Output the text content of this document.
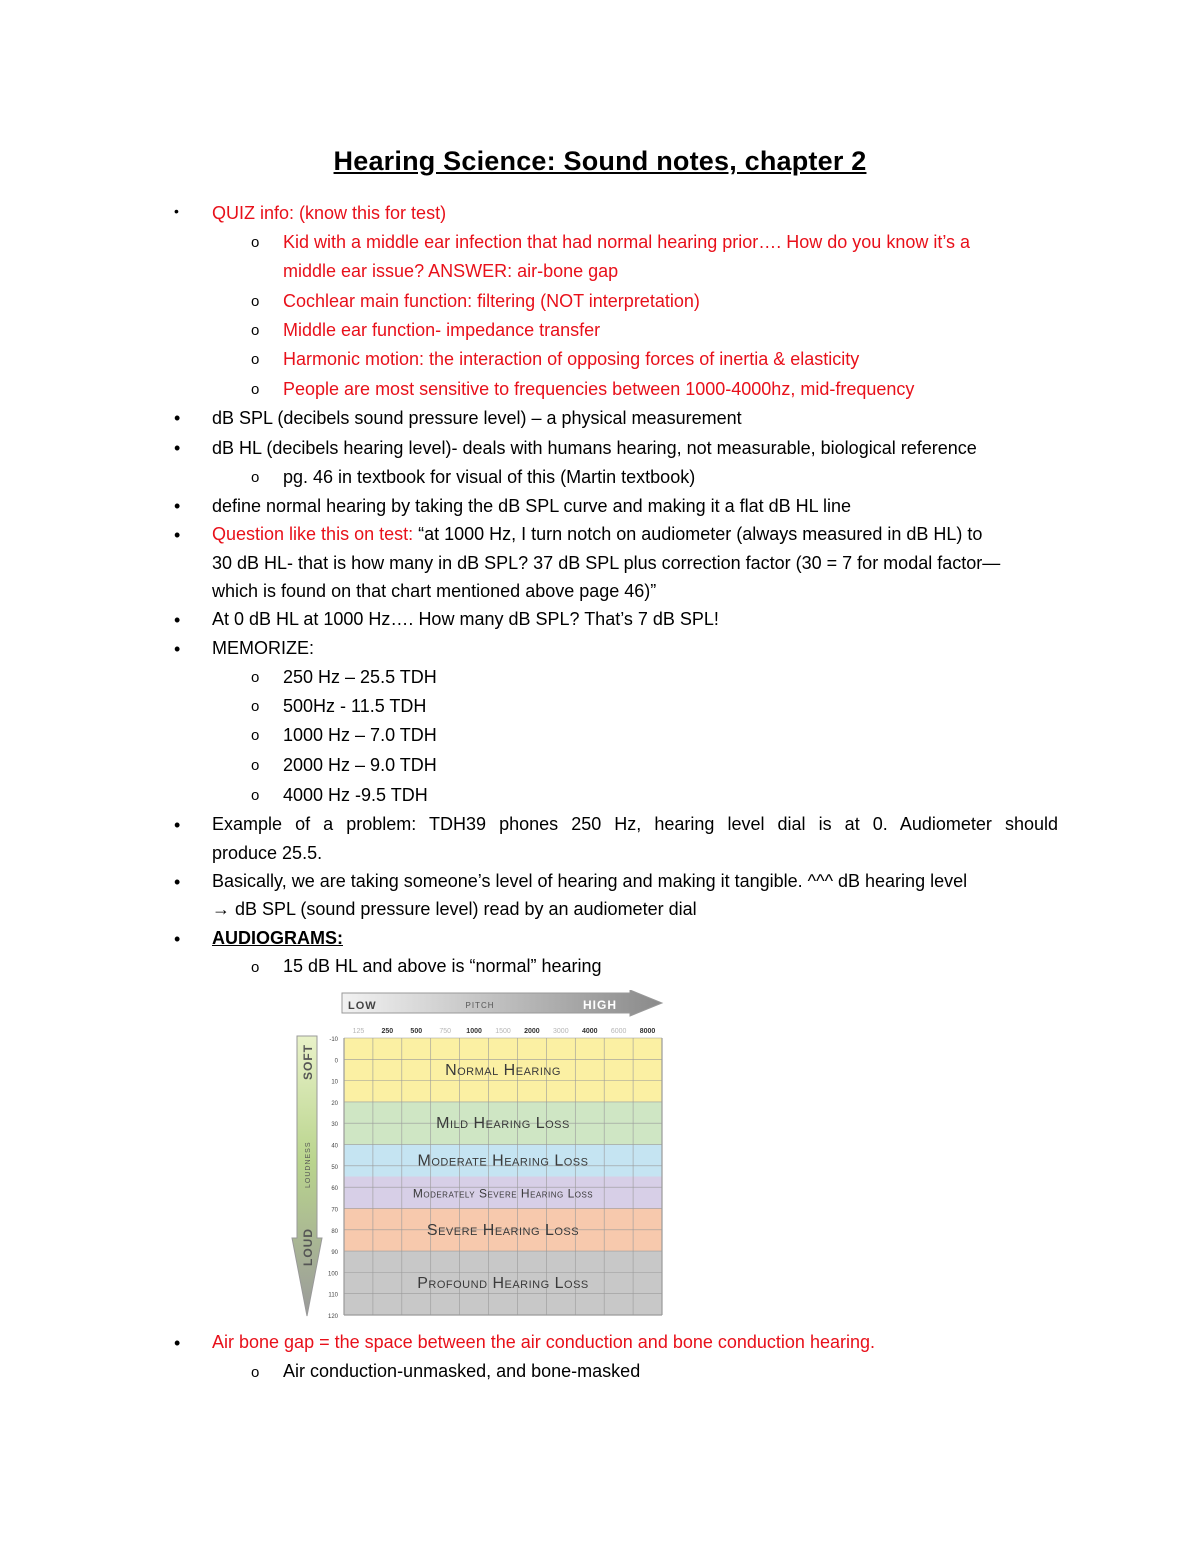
Hearing Science: Sound notes, chapter 2
• QUIZ info: (know this for test)
o Kid with a middle ear infection that had normal hearing prior…. How do you know it’s a
middle ear issue? ANSWER: air-bone gap
o Cochlear main function: filtering (NOT interpretation)
o Middle ear function- impedance transfer
o Harmonic motion: the interaction of opposing forces of inertia & elasticity
o People are most sensitive to frequencies between 1000-4000hz, mid-frequency
• dB SPL (decibels sound pressure level) – a physical measurement
• dB HL (decibels hearing level)- deals with humans hearing, not measurable, biological reference
o pg. 46 in textbook for visual of this (Martin textbook)
• define normal hearing by taking the dB SPL curve and making it a flat dB HL line
• Question like this on test: “at 1000 Hz, I turn notch on audiometer (always measured in dB HL) to
30 dB HL- that is how many in dB SPL? 37 dB SPL plus correction factor (30 = 7 for modal factor—
which is found on that chart mentioned above page 46)”
• At 0 dB HL at 1000 Hz…. How many dB SPL? That’s 7 dB SPL!
• MEMORIZE:
o 250 Hz – 25.5 TDH
o 500Hz - 11.5 TDH
o 1000 Hz – 7.0 TDH
o 2000 Hz – 9.0 TDH
o 4000 Hz -9.5 TDH
• Example of a problem: TDH39 phones 250 Hz, hearing level dial is at 0. Audiometer should
produce 25.5.
• Basically, we are taking someone’s level of hearing and making it tangible. ^^^ dB hearing level
→ dB SPL (sound pressure level) read by an audiometer dial
• AUDIOGRAMS:
o 15 dB HL and above is “normal” hearing
LOW	PITCH	HIGH
SOFT
LOUDNESS
LOUD
125 250 500 750 1000 1500 2000 3000 4000 6000 8000
-10
0
10
20
30
40
50
60
70
80
90
100
110
120
Normal Hearing
Mild Hearing Loss
Moderate Hearing Loss
Moderately Severe Hearing Loss
Severe Hearing Loss
Profound Hearing Loss
• Air bone gap = the space between the air conduction and bone conduction hearing.
o Air conduction-unmasked, and bone-masked
